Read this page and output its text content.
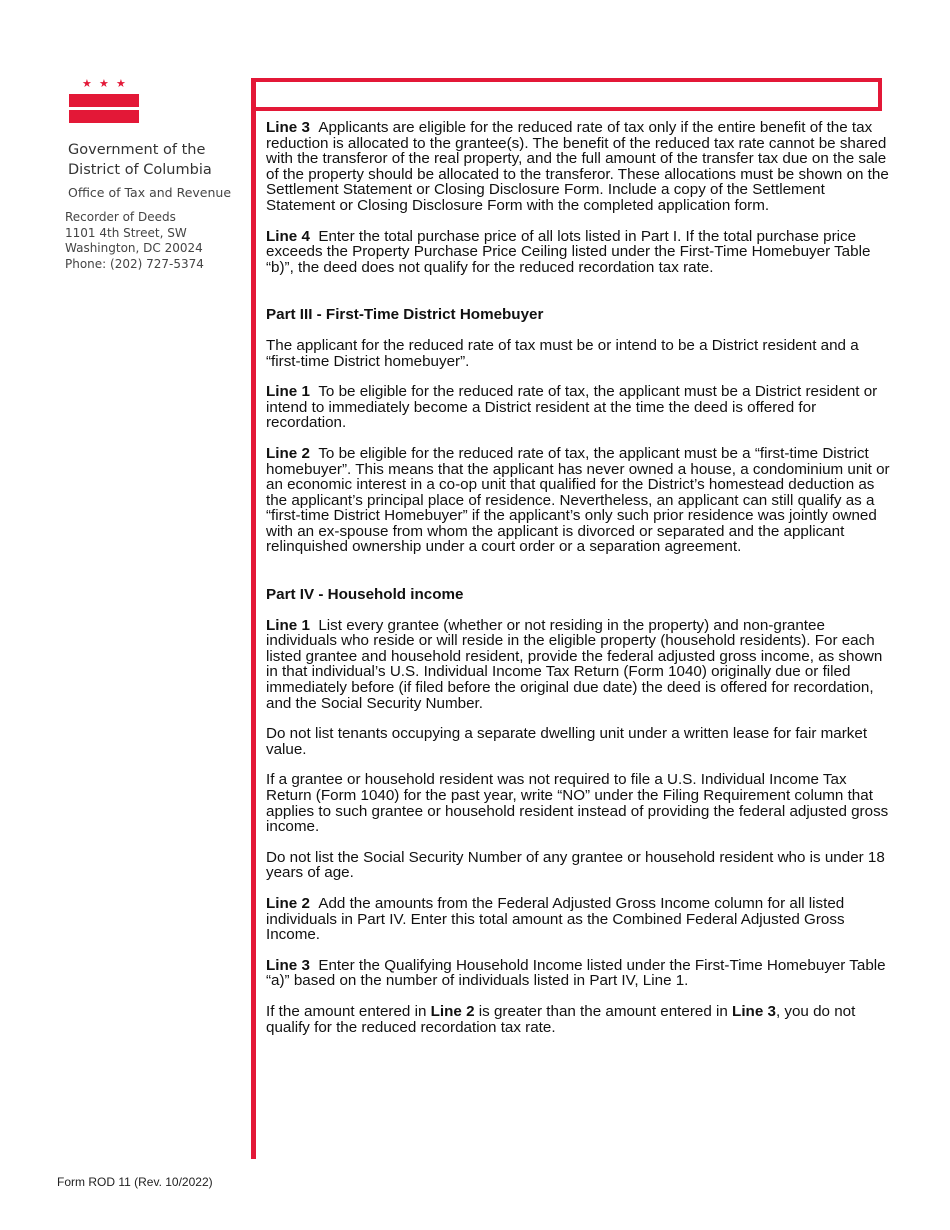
★ ★ ★
Government of the
District of Columbia
Office of Tax and Revenue
Recorder of Deeds
1101 4th Street, SW
Washington, DC 20024
Phone: (202) 727-5374

Line 3 Applicants are eligible for the reduced rate of tax only if the entire benefit of the tax reduction is allocated to the grantee(s). The benefit of the reduced tax rate cannot be shared with the transferor of the real property, and the full amount of the transfer tax due on the sale of the property should be allocated to the transferor. These allocations must be shown on the Settlement Statement or Closing Disclosure Form. Include a copy of the Settlement Statement or Closing Disclosure Form with the completed application form.

Line 4 Enter the total purchase price of all lots listed in Part I. If the total purchase price exceeds the Property Purchase Price Ceiling listed under the First-Time Homebuyer Table “b)”, the deed does not qualify for the reduced recordation tax rate.

Part III - First-Time District Homebuyer

The applicant for the reduced rate of tax must be or intend to be a District resident and a “first-time District homebuyer”.

Line 1 To be eligible for the reduced rate of tax, the applicant must be a District resident or intend to immediately become a District resident at the time the deed is offered for recordation.

Line 2 To be eligible for the reduced rate of tax, the applicant must be a “first-time District homebuyer”. This means that the applicant has never owned a house, a condominium unit or an economic interest in a co-op unit that qualified for the District’s homestead deduction as the applicant’s principal place of residence. Nevertheless, an applicant can still qualify as a “first-time District Homebuyer” if the applicant’s only such prior residence was jointly owned with an ex-spouse from whom the applicant is divorced or separated and the applicant relinquished ownership under a court order or a separation agreement.

Part IV - Household income

Line 1 List every grantee (whether or not residing in the property) and non-grantee individuals who reside or will reside in the eligible property (household residents). For each listed grantee and household resident, provide the federal adjusted gross income, as shown in that individual’s U.S. Individual Income Tax Return (Form 1040) originally due or filed immediately before (if filed before the original due date) the deed is offered for recordation, and the Social Security Number.

Do not list tenants occupying a separate dwelling unit under a written lease for fair market value.

If a grantee or household resident was not required to file a U.S. Individual Income Tax Return (Form 1040) for the past year, write “NO” under the Filing Requirement column that applies to such grantee or household resident instead of providing the federal adjusted gross income.

Do not list the Social Security Number of any grantee or household resident who is under 18 years of age.

Line 2 Add the amounts from the Federal Adjusted Gross Income column for all listed individuals in Part IV. Enter this total amount as the Combined Federal Adjusted Gross Income.

Line 3 Enter the Qualifying Household Income listed under the First-Time Homebuyer Table “a)” based on the number of individuals listed in Part IV, Line 1.

If the amount entered in Line 2 is greater than the amount entered in Line 3, you do not qualify for the reduced recordation tax rate.

Form ROD 11 (Rev. 10/2022)
